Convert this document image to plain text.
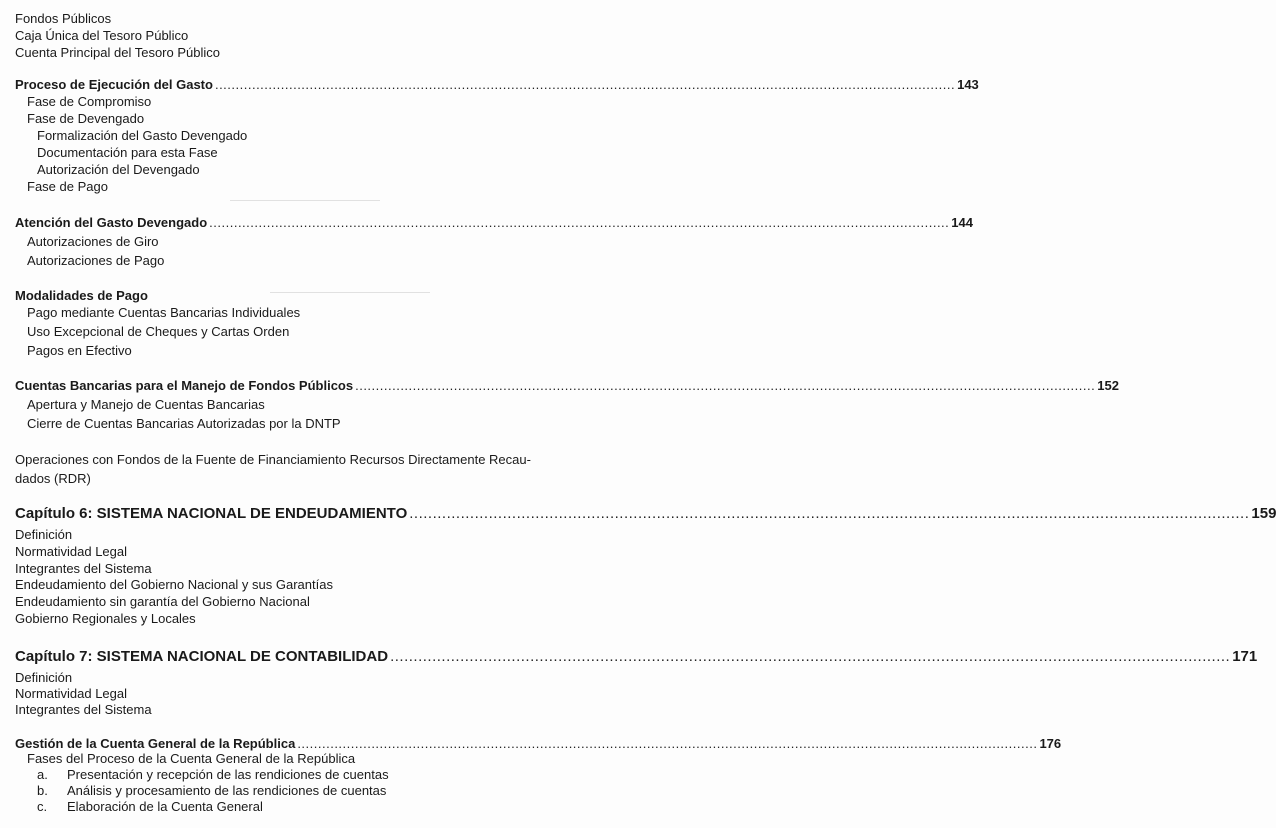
Fondos Públicos
Caja Única del Tesoro Público
Cuenta Principal del Tesoro Público
Proceso de Ejecución del Gasto .................................................................................................................................................................................... 143
Fase de Compromiso
Fase de Devengado
Formalización del Gasto Devengado
Documentación para esta Fase
Autorización del Devengado
Fase de Pago
Atención del Gasto Devengado .................................................................................................................................................................................... 144
Autorizaciones de Giro
Autorizaciones de Pago
Modalidades de Pago
Pago mediante Cuentas Bancarias Individuales
Uso Excepcional de Cheques y Cartas Orden
Pagos en Efectivo
Cuentas Bancarias para el Manejo de Fondos Públicos .................................................................................................................................................................................... 152
Apertura y Manejo de Cuentas Bancarias
Cierre de Cuentas Bancarias Autorizadas por la DNTP
Operaciones con Fondos de la Fuente de Financiamiento Recursos Directamente Recau-
dados (RDR)
Capítulo 6: SISTEMA NACIONAL DE ENDEUDAMIENTO .................................................................................................................................................................................... 159
Definición
Normatividad Legal
Integrantes del Sistema
Endeudamiento del Gobierno Nacional y sus Garantías
Endeudamiento sin garantía del Gobierno Nacional
Gobierno Regionales y Locales
Capítulo 7: SISTEMA NACIONAL DE CONTABILIDAD .................................................................................................................................................................................... 171
Definición
Normatividad Legal
Integrantes del Sistema
Gestión de la Cuenta General de la República .................................................................................................................................................................................... 176
Fases del Proceso de la Cuenta General de la República
a.	Presentación y recepción de las rendiciones de cuentas
b.	Análisis y procesamiento de las rendiciones de cuentas
c.	Elaboración de la Cuenta General
